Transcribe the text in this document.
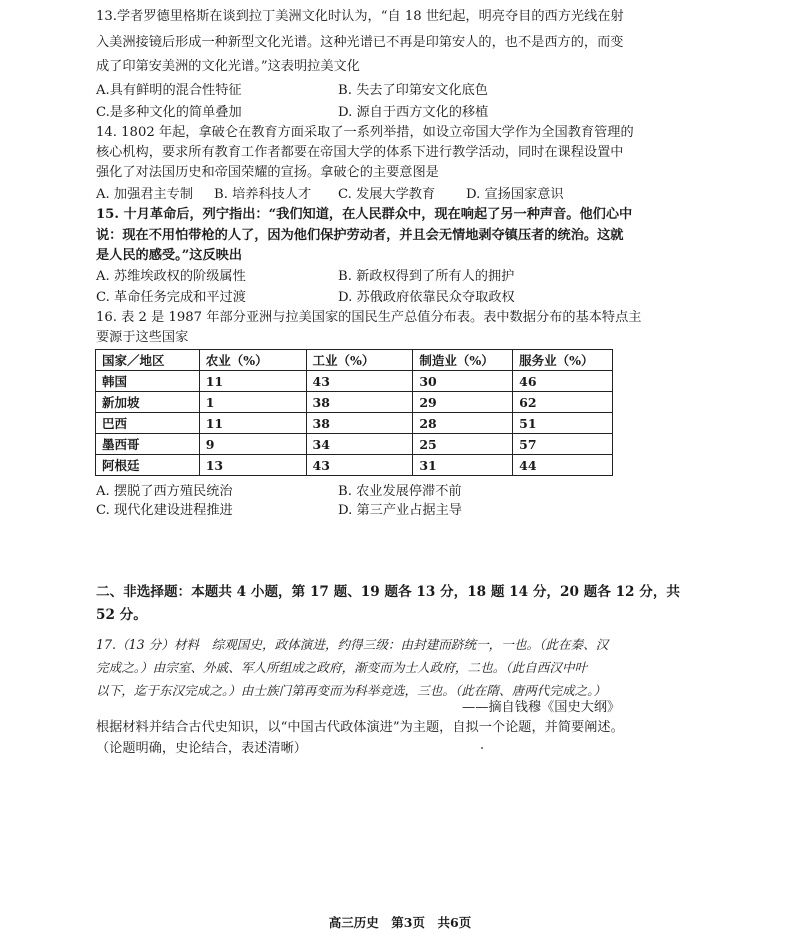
13.学者罗德里格斯在谈到拉丁美洲文化时认为，“自 18 世纪起，明亮夺目的西方光线在射
入美洲接镜后形成一种新型文化光谱。这种光谱已不再是印第安人的，也不是西方的，而变
成了印第安美洲的文化光谱。”这表明拉美文化
A.具有鲜明的混合性特征	B. 失去了印第安文化底色
C.是多种文化的简单叠加	D. 源自于西方文化的移植
14. 1802 年起，拿破仑在教育方面采取了一系列举措，如设立帝国大学作为全国教育管理的
核心机构，要求所有教育工作者都要在帝国大学的体系下进行教学活动，同时在课程设置中
强化了对法国历史和帝国荣耀的宣扬。拿破仑的主要意图是
A. 加强君主专制 B. 培养科技人才 C. 发展大学教育 D. 宣扬国家意识
15. 十月革命后，列宁指出：“我们知道，在人民群众中，现在响起了另一种声音。他们心中
说：现在不用怕带枪的人了，因为他们保护劳动者，并且会无情地剥夺镇压者的统治。这就
是人民的感受。”这反映出
A. 苏维埃政权的阶级属性	B. 新政权得到了所有人的拥护
C. 革命任务完成和平过渡	D. 苏俄政府依靠民众夺取政权
16. 表 2 是 1987 年部分亚洲与拉美国家的国民生产总值分布表。表中数据分布的基本特点主
要源于这些国家
国家／地区	农业（%）	工业（%）	制造业（%）	服务业（%）
韩国	11	43	30	46
新加坡	1	38	29	62
巴西	11	38	28	51
墨西哥	9	34	25	57
阿根廷	13	43	31	44
A. 摆脱了西方殖民统治	B. 农业发展停滞不前
C. 现代化建设进程推进	D. 第三产业占据主导
二、非选择题：本题共 4 小题，第 17 题、19 题各 13 分，18 题 14 分，20 题各 12 分，共
52 分。
17.（13 分）材料　综观国史，政体演进，约得三级：由封建而跻统一，一也。（此在秦、汉
完成之。）由宗室、外戚、军人所组成之政府，渐变而为士人政府，二也。（此自西汉中叶
以下，迄于东汉完成之。）由士族门第再变而为科举竞选，三也。（此在隋、唐两代完成之。）
——摘自钱穆《国史大纲》
根据材料并结合古代史知识，以“中国古代政体演进”为主题，自拟一个论题，并简要阐述。
（论题明确，史论结合，表述清晰）
高三历史　第3页　共6页
